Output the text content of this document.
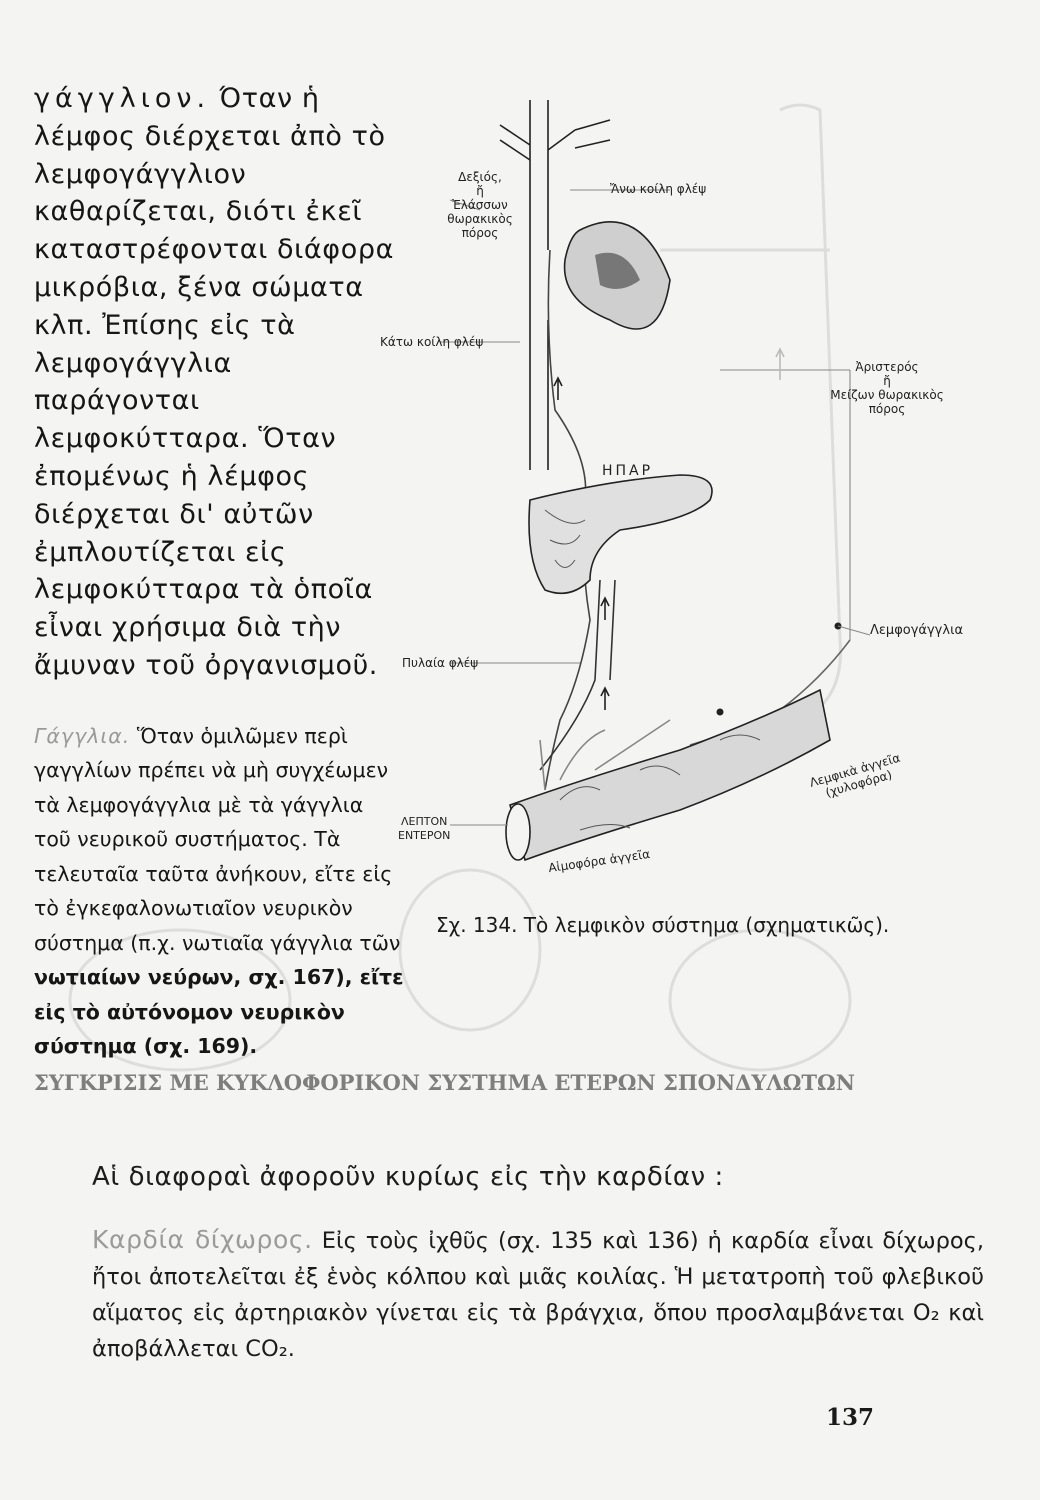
γάγγλιον. Όταν ἡ λέμφος διέρχεται ἀπὸ τὸ λεμφογάγγλιον καθαρίζεται, διότι ἐκεῖ καταστρέφονται διάφορα μικρόβια, ξένα σώματα κλπ. Ἐπίσης εἰς τὰ λεμφογάγγλια παράγονται λεμφοκύτταρα. Ὅταν ἐπομένως ἡ λέμφος διέρχεται δι' αὐτῶν ἐμπλουτίζεται εἰς λεμφοκύτταρα τὰ ὁποῖα εἶναι χρήσιμα διὰ τὴν ἄμυναν τοῦ ὀργανισμοῦ.

Γάγγλια. Ὅταν ὁμιλῶμεν περὶ γαγγλίων πρέπει νὰ μὴ συγχέωμεν τὰ λεμφογάγγλια μὲ τὰ γάγγλια τοῦ νευρικοῦ συστήματος. Τὰ τελευταῖα ταῦτα ἀνήκουν, εἴτε εἰς τὸ ἐγκεφαλονωτιαῖον νευρικὸν σύστημα (π.χ. νωτιαῖα γάγγλια τῶν νωτιαίων νεύρων, σχ. 167), εἴτε εἰς τὸ αὐτόνομον νευρικὸν σύστημα (σχ. 169).

Δεξιός,
ἤ
Ἐλάσσων θωρακικὸς
πόρος
Ἄνω κοίλη φλέψ
Κάτω κοίλη φλέψ
Ἀριστερός
ἤ
Μείζων θωρακικὸς
πόρος
ΗΠΑΡ
Πυλαία φλέψ
Λεμφογάγγλια
Λεμφικὰ ἀγγεῖα
(χυλοφόρα)
ΛΕΠΤΟΝ
ΕΝΤΕΡΟΝ
Αἱμοφόρα ἀγγεῖα
Σχ. 134. Τὸ λεμφικὸν σύστημα (σχηματικῶς).
ΣΥΓΚΡΙΣΙΣ ΜΕ ΚΥΚΛΟΦΟΡΙΚΟΝ ΣΥΣΤΗΜΑ ΕΤΕΡΩΝ ΣΠΟΝΔΥΛΩΤΩΝ
Αἱ διαφοραὶ ἀφοροῦν κυρίως εἰς τὴν καρδίαν :
Καρδία δίχωρος. Εἰς τοὺς ἰχθῦς (σχ. 135 καὶ 136) ἡ καρδία εἶναι δίχωρος, ἤτοι ἀποτελεῖται ἐξ ἑνὸς κόλπου καὶ μιᾶς κοιλίας. Ἡ μετατροπὴ τοῦ φλεβικοῦ αἵματος εἰς ἀρτηριακὸν γίνεται εἰς τὰ βράγχια, ὅπου προσλαμβάνεται O₂ καὶ ἀποβάλλεται CO₂.
137
